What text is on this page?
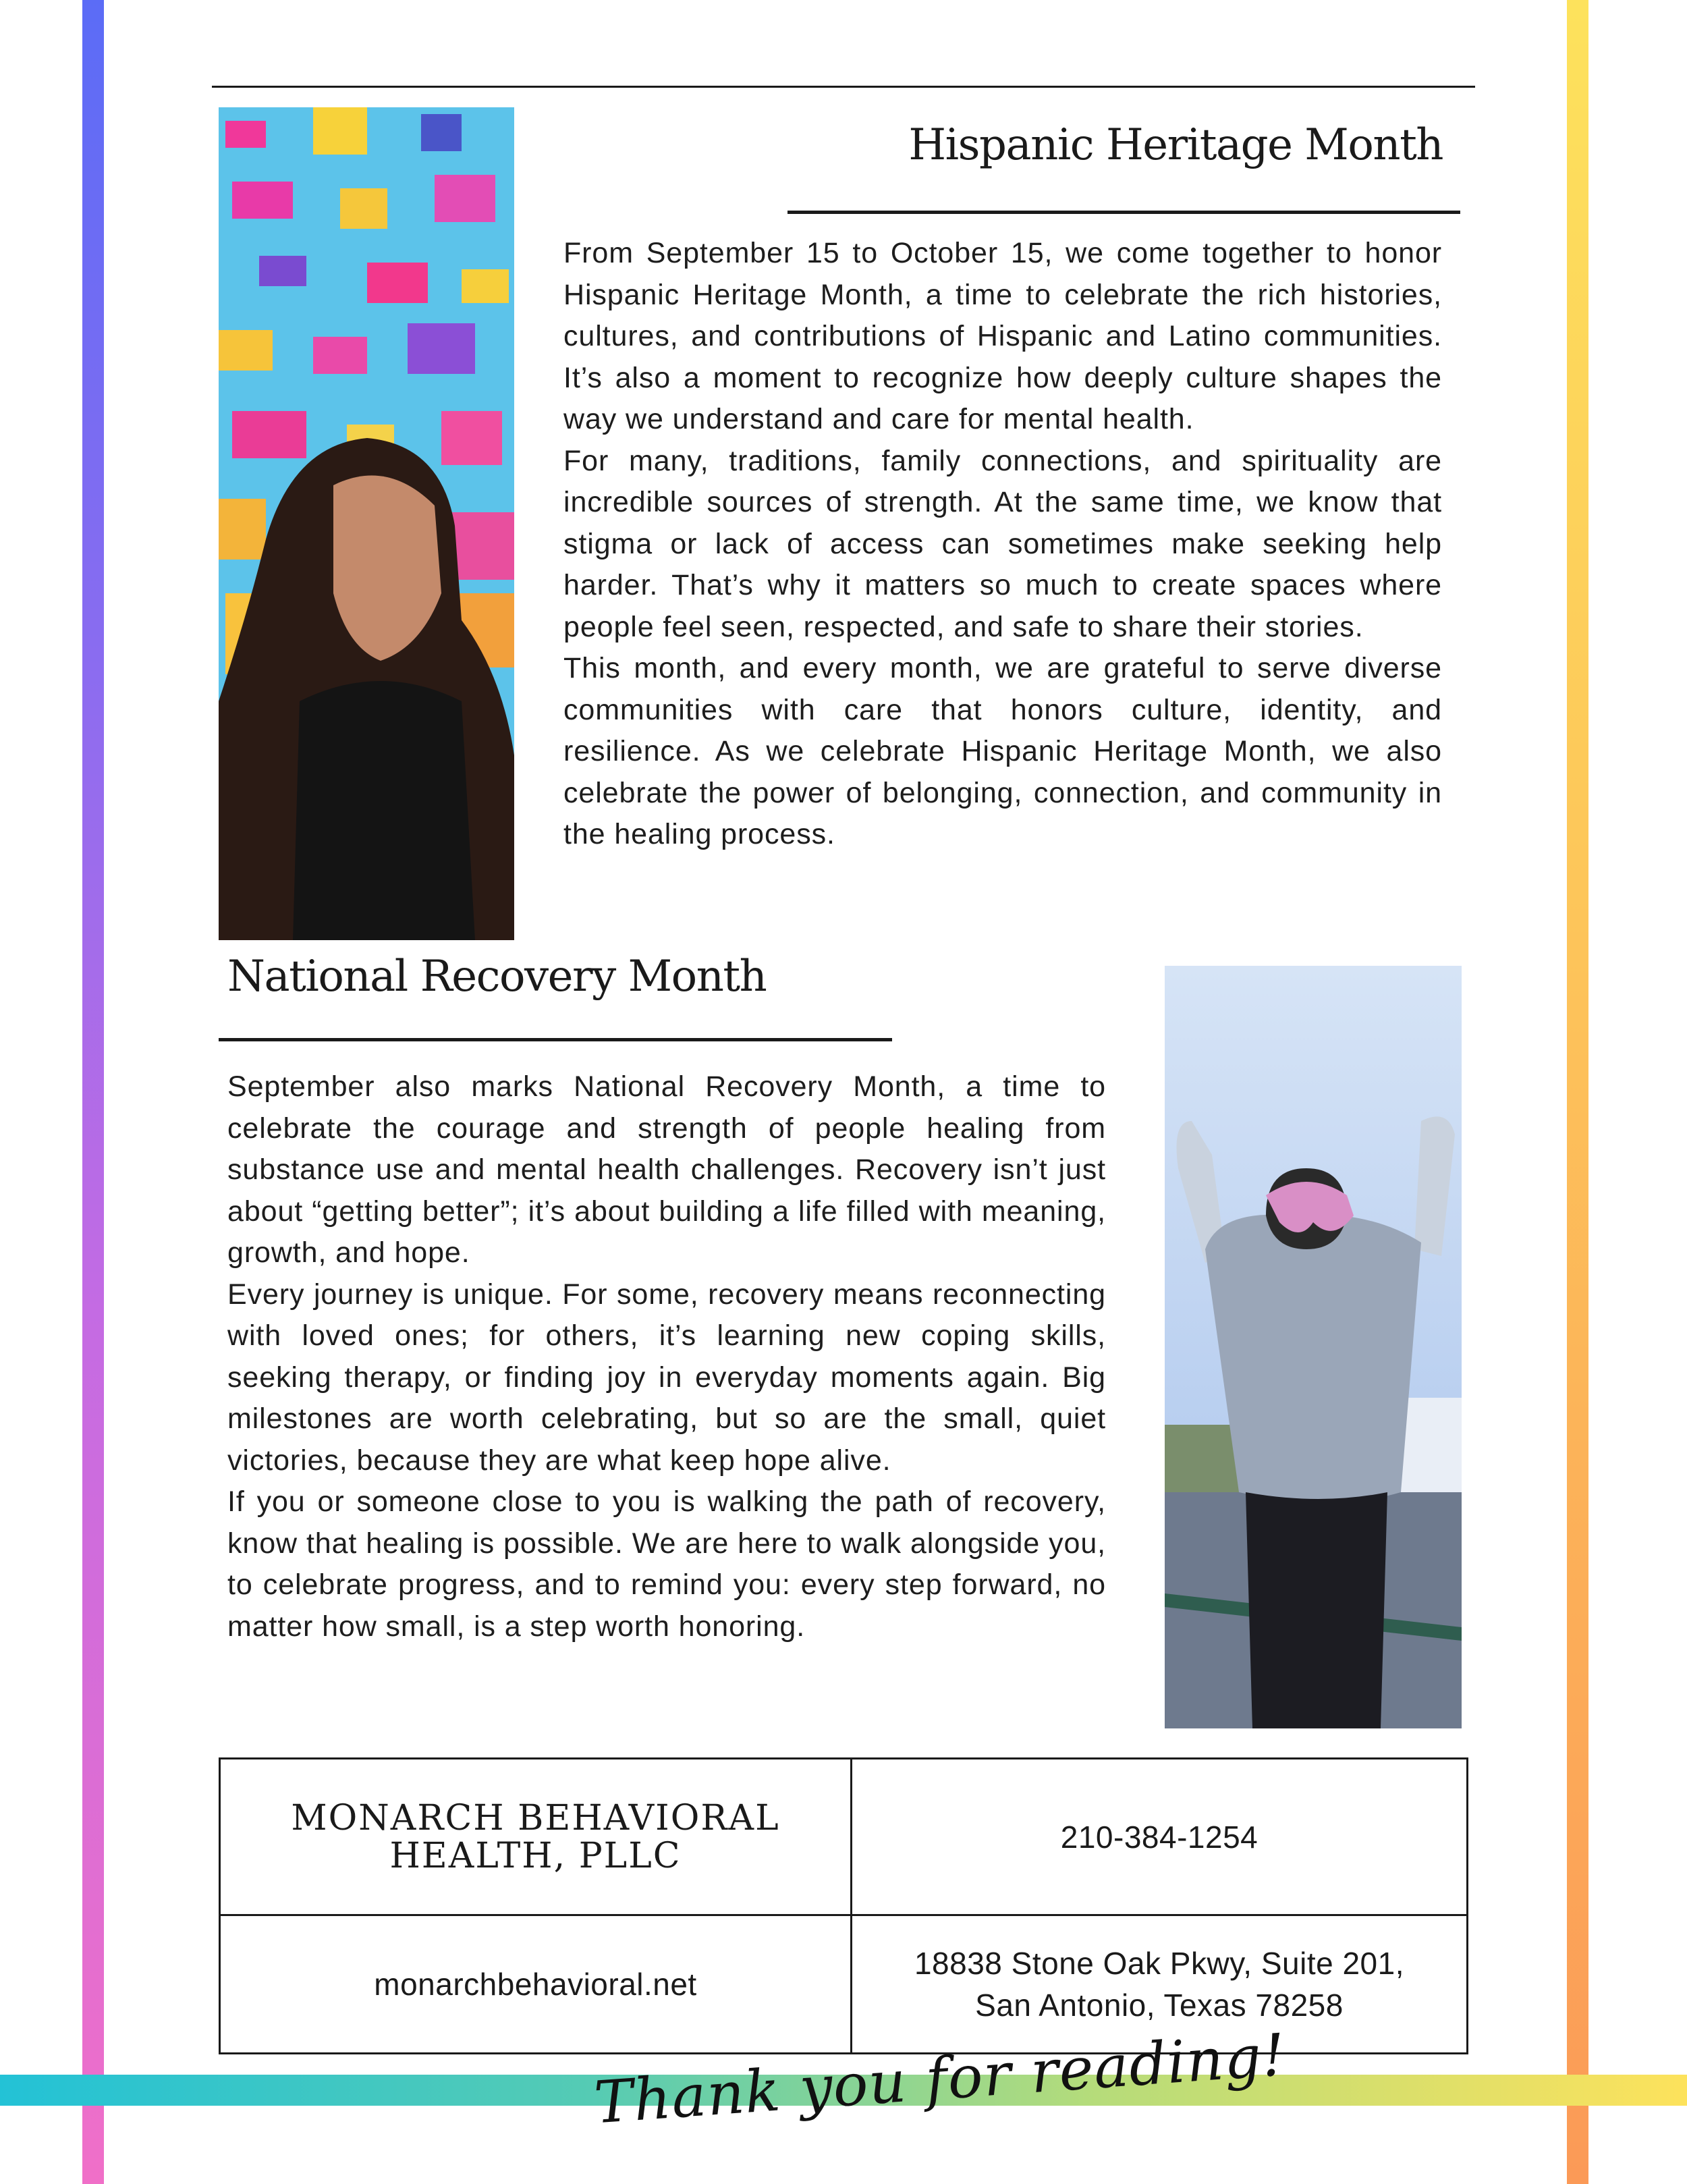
Hispanic Heritage Month

From September 15 to October 15, we come together to honor Hispanic Heritage Month, a time to celebrate the rich histories, cultures, and contributions of Hispanic and Latino communities. It’s also a moment to recognize how deeply culture shapes the way we understand and care for mental health.

For many, traditions, family connections, and spirituality are incredible sources of strength. At the same time, we know that stigma or lack of access can sometimes make seeking help harder. That’s why it matters so much to create spaces where people feel seen, respected, and safe to share their stories.

This month, and every month, we are grateful to serve diverse communities with care that honors culture, identity, and resilience. As we celebrate Hispanic Heritage Month, we also celebrate the power of belonging, connection, and community in the healing process.

National Recovery Month

September also marks National Recovery Month, a time to celebrate the courage and strength of people healing from substance use and mental health challenges. Recovery isn’t just about “getting better”; it’s about building a life filled with meaning, growth, and hope.

Every journey is unique. For some, recovery means reconnecting with loved ones; for others, it’s learning new coping skills, seeking therapy, or finding joy in everyday moments again. Big milestones are worth celebrating, but so are the small, quiet victories, because they are what keep hope alive.

If you or someone close to you is walking the path of recovery, know that healing is possible. We are here to walk alongside you, to celebrate progress, and to remind you: every step forward, no matter how small, is a step worth honoring.

MONARCH BEHAVIORAL HEALTH, PLLC	210-384-1254
monarchbehavioral.net
18838 Stone Oak Pkwy, Suite 201,
San Antonio, Texas 78258
Thank you for reading!
